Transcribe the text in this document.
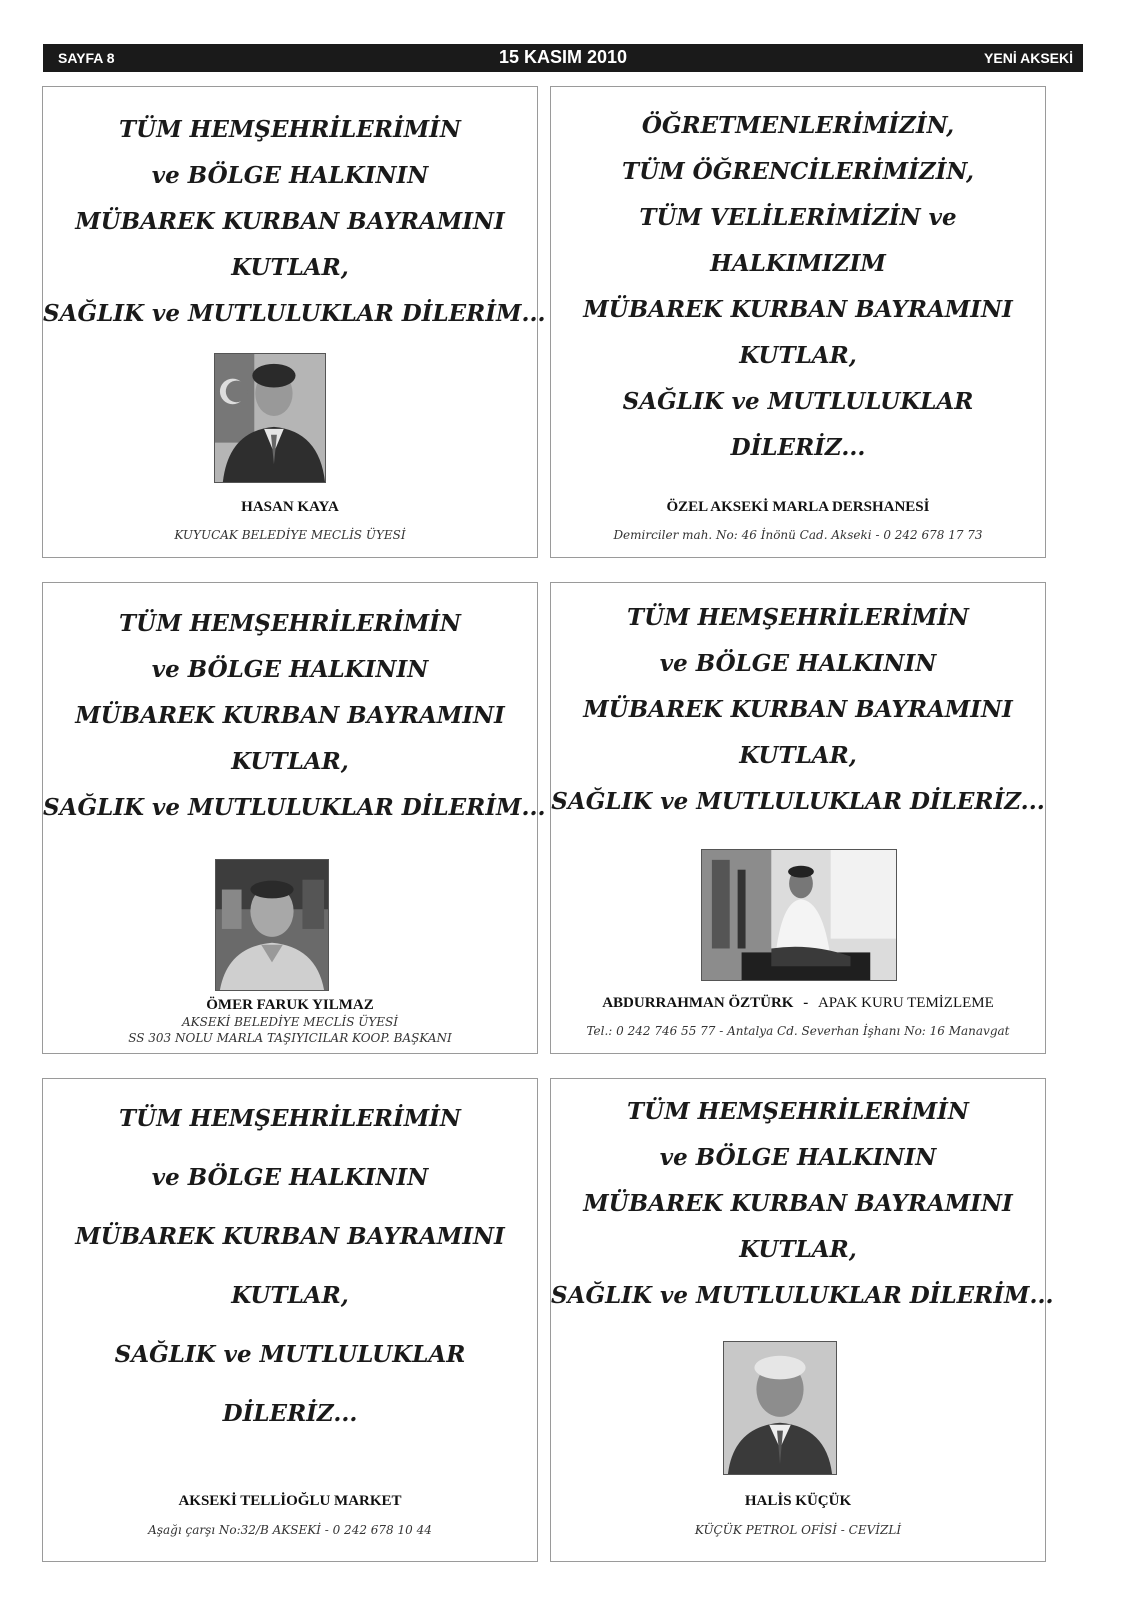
SAYFA 8	15 KASIM 2010	YENİ AKSEKİ
TÜM HEMŞEHRİLERİMİN
ve BÖLGE HALKININ
MÜBAREK KURBAN BAYRAMINI
KUTLAR,
SAĞLIK ve MUTLULUKLAR DİLERİM...
HASAN KAYA
KUYUCAK BELEDİYE MECLİS ÜYESİ
ÖĞRETMENLERİMİZİN,
TÜM ÖĞRENCİLERİMİZİN,
TÜM VELİLERİMİZİN ve
HALKIMIZIM
MÜBAREK KURBAN BAYRAMINI
KUTLAR,
SAĞLIK ve MUTLULUKLAR
DİLERİZ...
ÖZEL AKSEKİ MARLA DERSHANESİ
Demirciler mah. No: 46 İnönü Cad. Akseki - 0 242 678 17 73
TÜM HEMŞEHRİLERİMİN
ve BÖLGE HALKININ
MÜBAREK KURBAN BAYRAMINI
KUTLAR,
SAĞLIK ve MUTLULUKLAR DİLERİM...
ÖMER FARUK YILMAZ
AKSEKİ BELEDİYE MECLİS ÜYESİ
SS 303 NOLU MARLA TAŞIYICILAR KOOP. BAŞKANI
TÜM HEMŞEHRİLERİMİN
ve BÖLGE HALKININ
MÜBAREK KURBAN BAYRAMINI
KUTLAR,
SAĞLIK ve MUTLULUKLAR DİLERİZ...
ABDURRAHMAN ÖZTÜRK - APAK KURU TEMİZLEME
Tel.: 0 242 746 55 77 - Antalya Cd. Severhan İşhanı No: 16 Manavgat
TÜM HEMŞEHRİLERİMİN
ve BÖLGE HALKININ
MÜBAREK KURBAN BAYRAMINI
KUTLAR,
SAĞLIK ve MUTLULUKLAR
DİLERİZ...
AKSEKİ TELLİOĞLU MARKET
Aşağı çarşı No:32/B AKSEKİ - 0 242 678 10 44
TÜM HEMŞEHRİLERİMİN
ve BÖLGE HALKININ
MÜBAREK KURBAN BAYRAMINI
KUTLAR,
SAĞLIK ve MUTLULUKLAR DİLERİM...
HALİS KÜÇÜK
KÜÇÜK PETROL OFİSİ - CEVİZLİ
